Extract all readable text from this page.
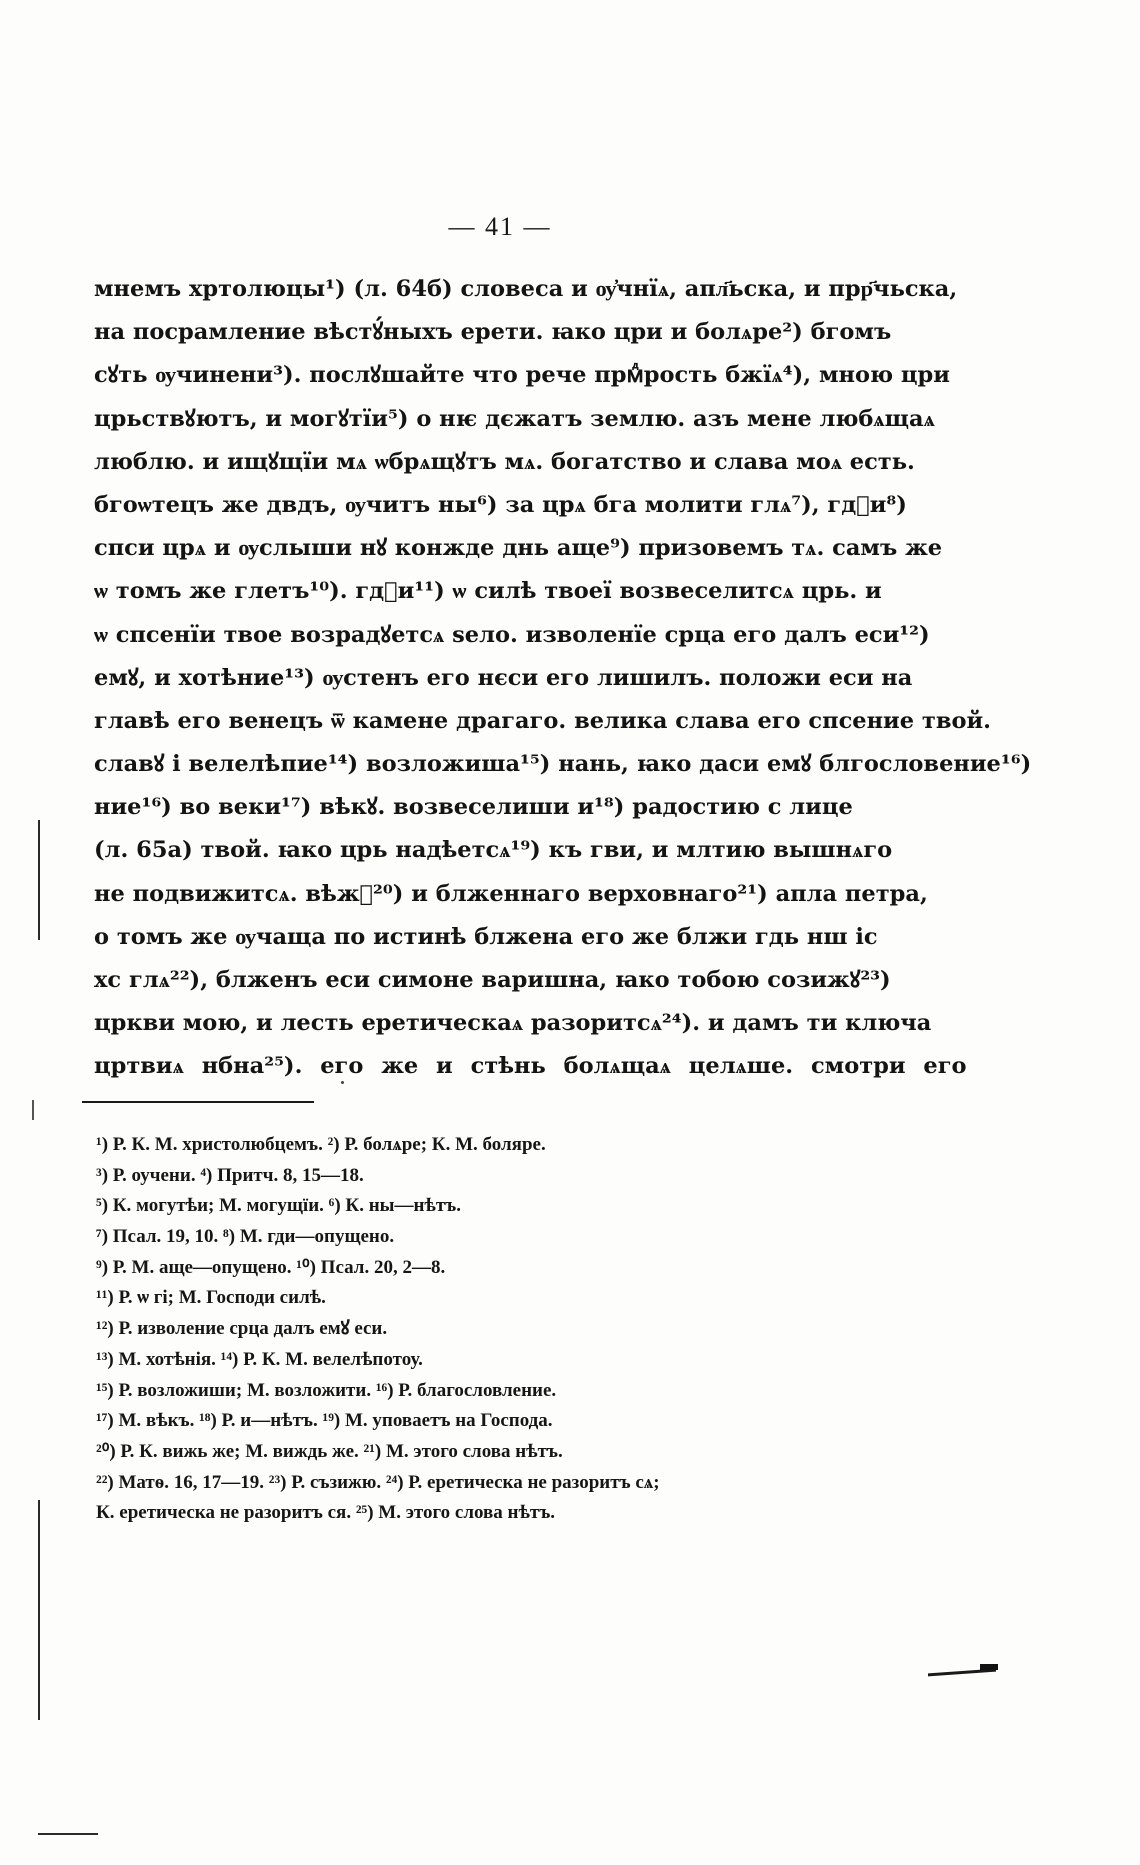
— 41 —
мнемъ хртолюцы¹) (л. 64б) словеса и ѹ҆чнїѧ, апл҃ьска, и прр҃чьска,
на посрамление вѣстꙋ́ныхъ ерети. ꙗко цри и болѧре²) бгомъ
сꙋть ѹчинени³). послꙋшайте что рече прмⷣрость бжїѧ⁴), мною цри
црьствꙋютъ, и могꙋтїи⁵) о нѥ дєжатъ землю. азъ мене любѧщаѧ
люблю. и ищꙋщїи мѧ ѡбрѧщꙋтъ мѧ. богатство и слава моѧ есть.
бгоѡтецъ же двдъ, ѹчитъ ны⁶) за црѧ бга молити глѧ⁷), гдⷭи⁸)
спси црѧ и ѹслыши нꙋ конжде днь аще⁹) призовемъ тѧ. самъ же
ѡ томъ же глетъ¹⁰). гдⷭи¹¹) ѡ силѣ твоеї возвеселитсѧ црь. и
ѡ спсенїи твое возрадꙋетсѧ ѕело. изволенїе срца его далъ еси¹²)
емꙋ, и хотѣние¹³) ѹстенъ его нєси его лишилъ. положи еси на
главѣ его венецъ ѿ камене драгаго. велика слава его спсение твой.
славꙋ і велелѣпие¹⁴) возложиша¹⁵) нань, ꙗко даси емꙋ блгословение¹⁶)
ние¹⁶) во веки¹⁷) вѣкꙋ. возвеселиши и¹⁸) радостию с лице
(л. 65а) твой. ꙗко црь надѣетсѧ¹⁹) къ гви, и млтию вышнѧго
не подвижитсѧ. вѣжⷣ²⁰) и блженнаго верховнаго²¹) апла петра,
о томъ же ѹчаща по истинѣ блжена его же блжи гдь нш ic
хс глѧ²²), блженъ еси симоне варишна, ꙗко тобою созижꙋ²³)
цркви мою, и лесть еретическаѧ разоритсѧ²⁴). и дамъ ти ключа
цртвиѧ нбна²⁵). его же и стѣнь болѧщаѧ целѧше. смотри его
¹) Р. К. М. христолюбцемъ. ²) Р. болѧре; К. М. боляре.
³) Р. оучени. ⁴) Притч. 8, 15—18.
⁵) К. могутѣи; М. могущїи. ⁶) К. ны—нѣтъ.
⁷) Псал. 19, 10. ⁸) М. гди—опущено.
⁹) Р. М. аще—опущено. ¹⁰) Псал. 20, 2—8.
¹¹) Р. ѡ гі; М. Господи силѣ.
¹²) Р. изволение срца далъ емꙋ еси.
¹³) М. хотѣнія. ¹⁴) Р. К. М. велелѣпотоу.
¹⁵) Р. возложиши; М. возложити. ¹⁶) Р. благословление.
¹⁷) М. вѣкъ. ¹⁸) Р. и—нѣтъ. ¹⁹) М. уповаетъ на Господа.
²⁰) Р. К. вижь же; М. виждь же. ²¹) М. этого слова нѣтъ.
²²) Матѳ. 16, 17—19. ²³) Р. съзижю. ²⁴) Р. еретическа не разоритъ сѧ;
К. еретическа не разоритъ ся. ²⁵) М. этого слова нѣтъ.
